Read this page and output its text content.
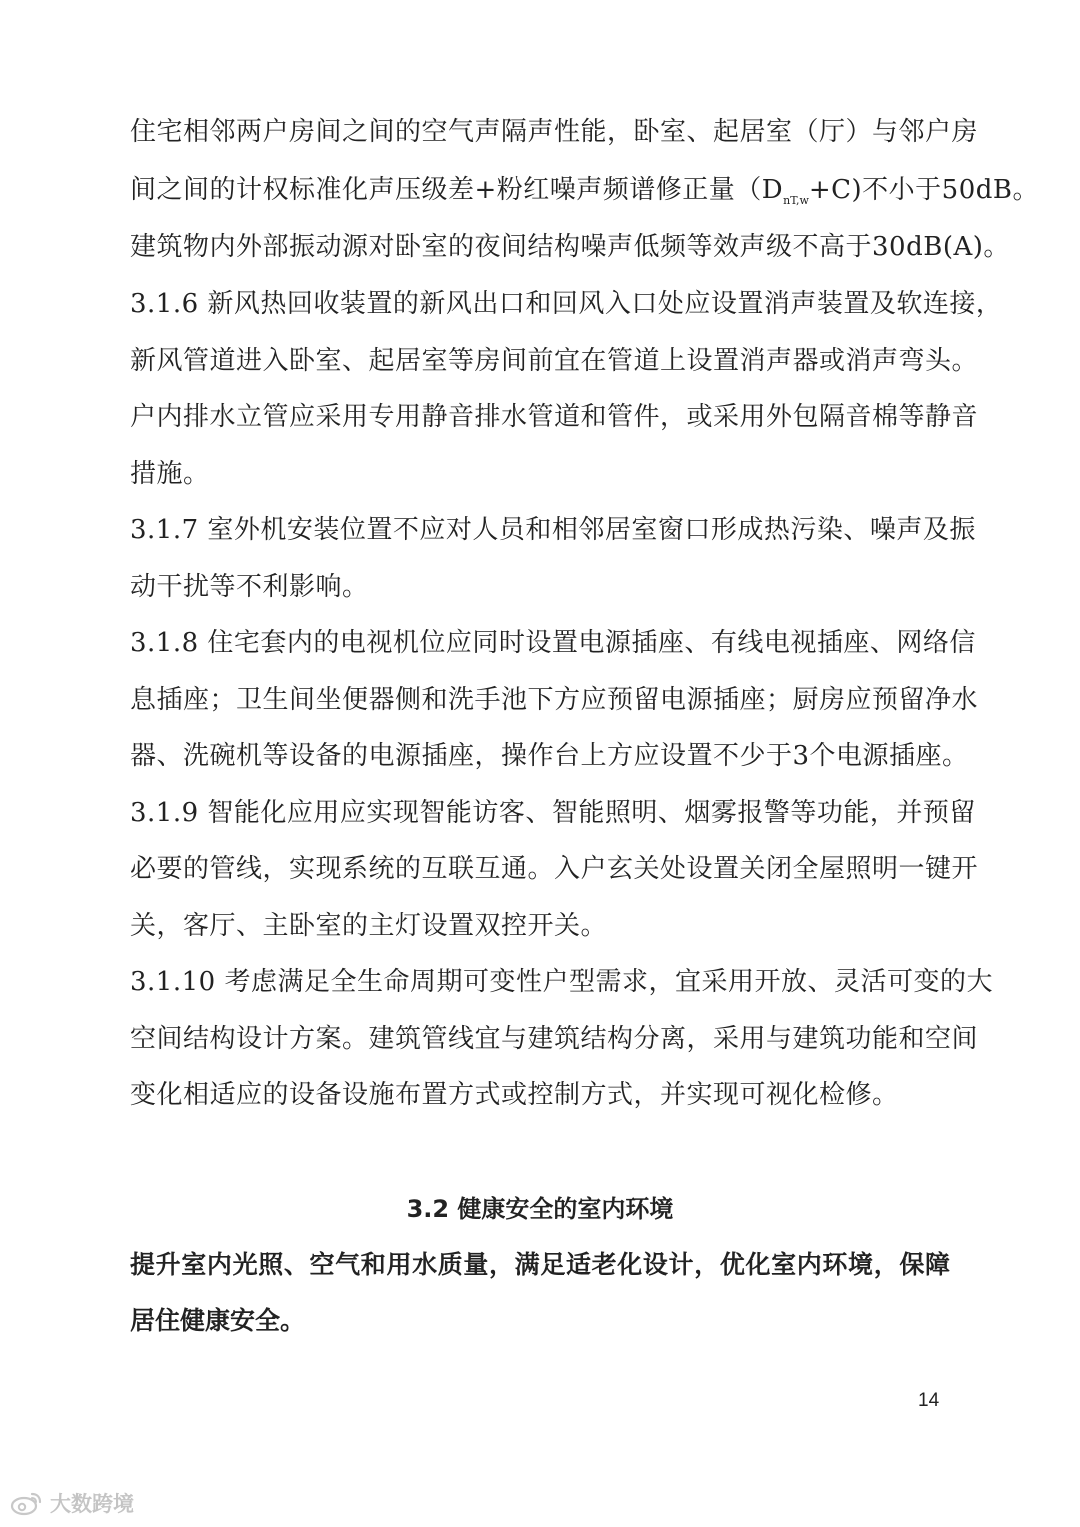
住宅相邻两户房间之间的空气声隔声性能，卧室、起居室（厅）与邻户房
间之间的计权标准化声压级差+粉红噪声频谱修正量$(D_{nT,w}+C)$不小于50dB。
建筑物内外部振动源对卧室的夜间结构噪声低频等效声级不高于30dB(A)。
3.1.6 新风热回收装置的新风出口和回风入口处应设置消声装置及软连接，
新风管道进入卧室、起居室等房间前宜在管道上设置消声器或消声弯头。
户内排水立管应采用专用静音排水管道和管件，或采用外包隔音棉等静音
措施。
3.1.7 室外机安装位置不应对人员和相邻居室窗口形成热污染、噪声及振
动干扰等不利影响。
3.1.8 住宅套内的电视机位应同时设置电源插座、有线电视插座、网络信
息插座；卫生间坐便器侧和洗手池下方应预留电源插座；厨房应预留净水
器、洗碗机等设备的电源插座，操作台上方应设置不少于3个电源插座。
3.1.9 智能化应用应实现智能访客、智能照明、烟雾报警等功能，并预留
必要的管线，实现系统的互联互通。入户玄关处设置关闭全屋照明一键开
关，客厅、主卧室的主灯设置双控开关。
3.1.10 考虑满足全生命周期可变性户型需求，宜采用开放、灵活可变的大
空间结构设计方案。建筑管线宜与建筑结构分离，采用与建筑功能和空间
变化相适应的设备设施布置方式或控制方式，并实现可视化检修。
3.2 健康安全的室内环境
提升室内光照、空气和用水质量，满足适老化设计，优化室内环境，保障
居住健康安全。
14
大数跨境
